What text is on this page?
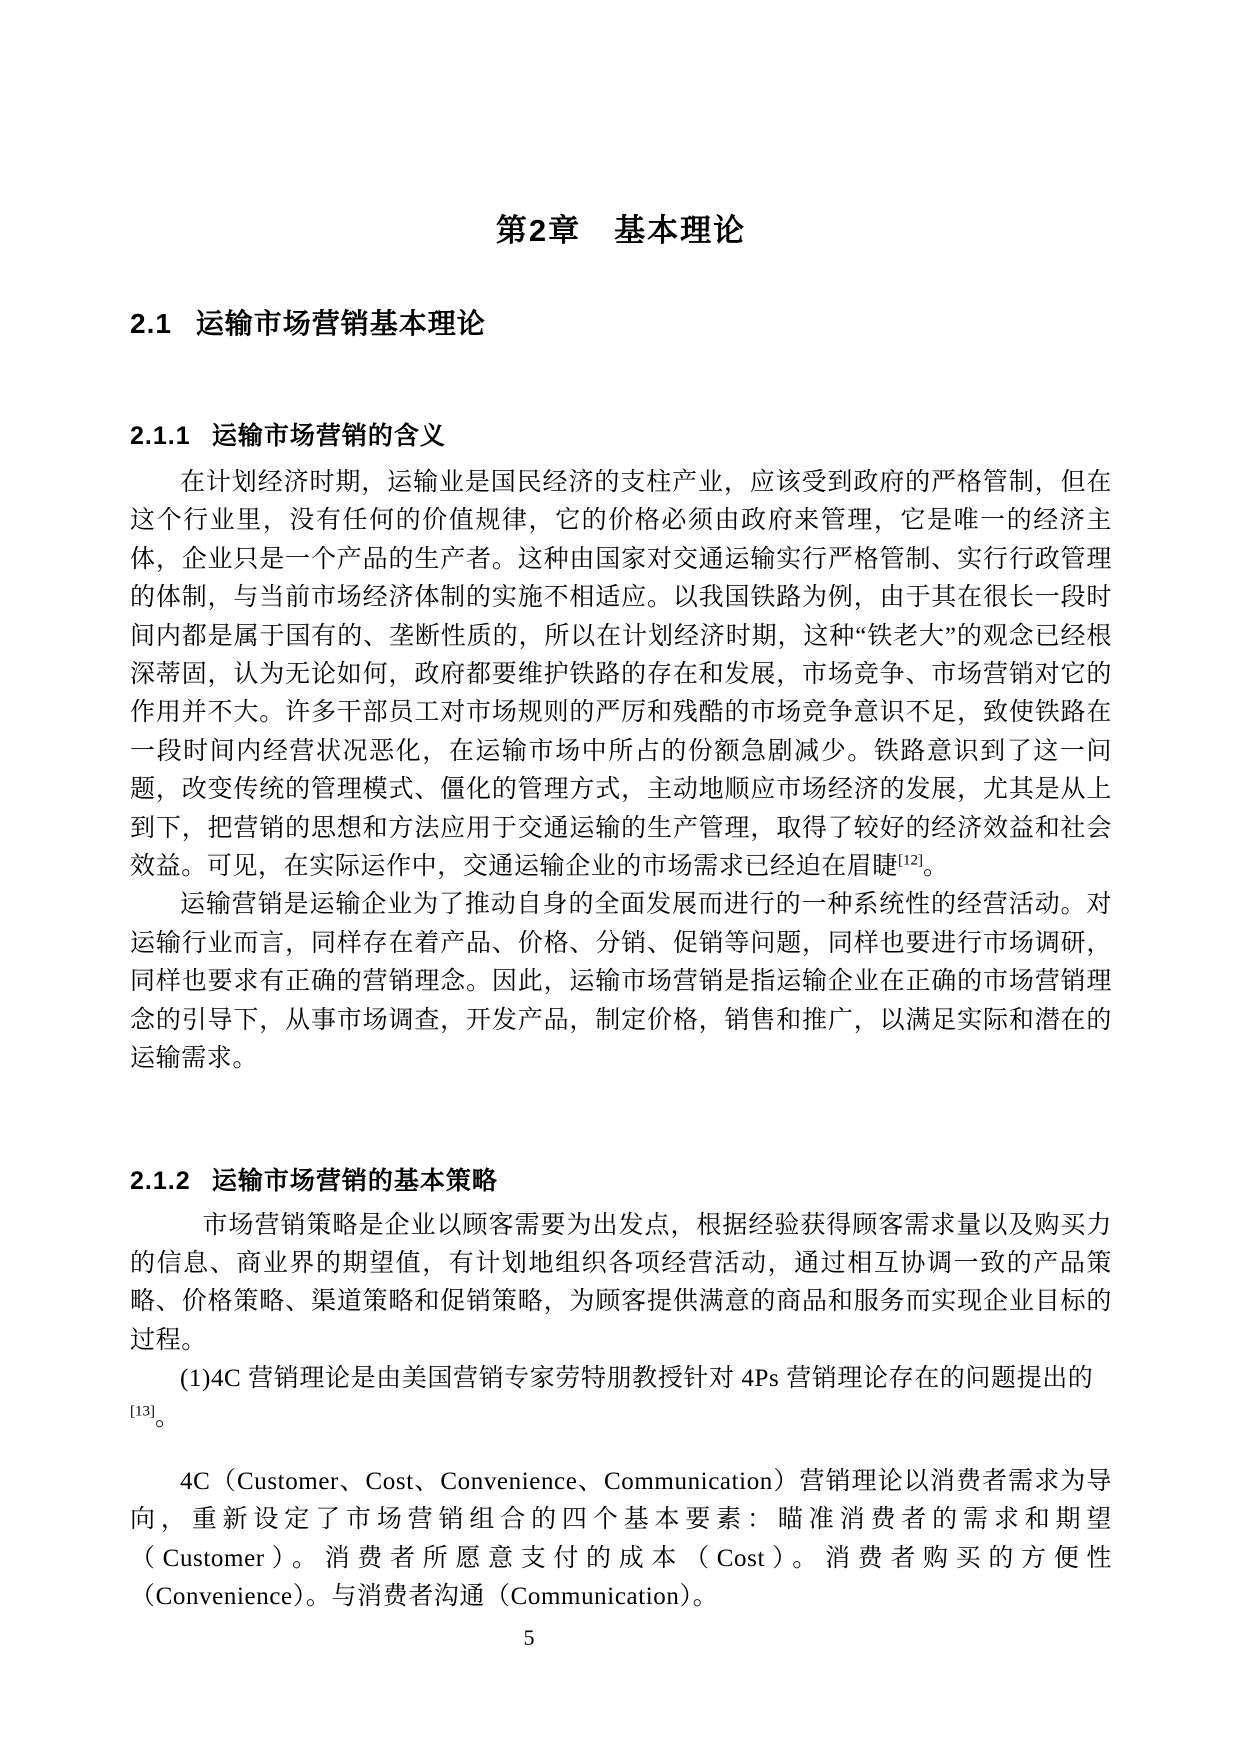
第2章　基本理论
2.1 运输市场营销基本理论
2.1.1 运输市场营销的含义

在计划经济时期，运输业是国民经济的支柱产业，应该受到政府的严格管制，但在这个行业里，没有任何的价值规律，它的价格必须由政府来管理，它是唯一的经济主体，企业只是一个产品的生产者。这种由国家对交通运输实行严格管制、实行行政管理的体制，与当前市场经济体制的实施不相适应。以我国铁路为例，由于其在很长一段时间内都是属于国有的、垄断性质的，所以在计划经济时期，这种“铁老大”的观念已经根深蒂固，认为无论如何，政府都要维护铁路的存在和发展，市场竞争、市场营销对它的作用并不大。许多干部员工对市场规则的严厉和残酷的市场竞争意识不足，致使铁路在一段时间内经营状况恶化，在运输市场中所占的份额急剧减少。铁路意识到了这一问题，改变传统的管理模式、僵化的管理方式，主动地顺应市场经济的发展，尤其是从上到下，把营销的思想和方法应用于交通运输的生产管理，取得了较好的经济效益和社会效益。可见，在实际运作中，交通运输企业的市场需求已经迫在眉睫[12]。

运输营销是运输企业为了推动自身的全面发展而进行的一种系统性的经营活动。对运输行业而言，同样存在着产品、价格、分销、促销等问题，同样也要进行市场调研，同样也要求有正确的营销理念。因此，运输市场营销是指运输企业在正确的市场营销理念的引导下，从事市场调查，开发产品，制定价格，销售和推广，以满足实际和潜在的运输需求。

2.1.2 运输市场营销的基本策略

市场营销策略是企业以顾客需要为出发点，根据经验获得顾客需求量以及购买力的信息、商业界的期望值，有计划地组织各项经营活动，通过相互协调一致的产品策略、价格策略、渠道策略和促销策略，为顾客提供满意的商品和服务而实现企业目标的过程。

(1)4C 营销理论是由美国营销专家劳特朋教授针对 4Ps 营销理论存在的问题提出的

[13]。

4C（Customer、Cost、Convenience、Communication）营销理论以消费者需求为导向，重新设定了市场营销组合的四个基本要素：瞄准消费者的需求和期望（Customer）。消费者所愿意支付的成本（Cost）。消费者购买的方便性（Convenience）。与消费者沟通（Communication）。

5
